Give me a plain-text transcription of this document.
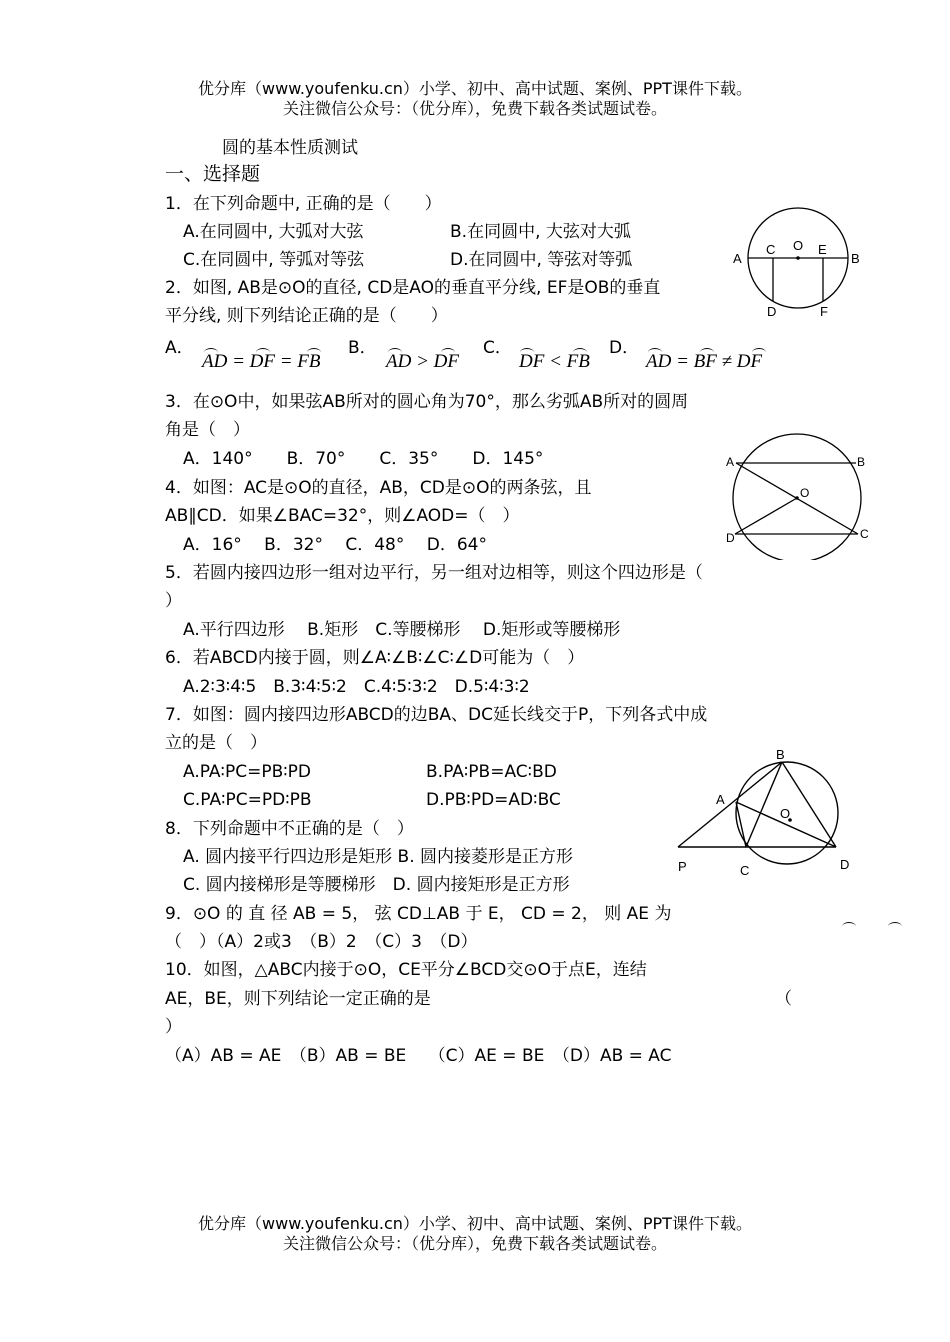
优分库（www.youfenku.cn）小学、初中、高中试题、案例、PPT课件下载。
关注微信公众号：（优分库），免费下载各类试题试卷。
圆的基本性质测试
一、选择题
1．在下列命题中, 正确的是（　　）
A.在同圆中, 大弧对大弦	B.在同圆中, 大弦对大弧
C.在同圆中, 等弧对等弦	D.在同圆中, 等弦对等弧	A
C O E
B
D	F
2．如图, AB是⊙O的直径, CD是AO的垂直平分线, EF是OB的垂直
平分线, 则下列结论正确的是（　　）
A．
AD = DF = FB
B．
AD > DF
C．
DF < FB
D．
AD = BF ≠ DF
3．在⊙O中，如果弦AB所对的圆心角为70°，那么劣弧AB所对的圆周
角是（　）
A．140°　　B．70°　　C．35°　　D．145°	A	B
O
D	C
4．如图：AC是⊙O的直径，AB，CD是⊙O的两条弦，且
AB∥CD．如果∠BAC=32°，则∠AOD=（　）
A．16°　 B．32°　 C．48°　 D．64°
5．若圆内接四边形一组对边平行，另一组对边相等，则这个四边形是（
）
A.平行四边形　 B.矩形　C.等腰梯形　 D.矩形或等腰梯形
6．若ABCD内接于圆，则∠A∶∠B∶∠C∶∠D可能为（　）
A.2∶3∶4∶5　B.3∶4∶5∶2　C.4∶5∶3∶2　D.5∶4∶3∶2
7．如图：圆内接四边形ABCD的边BA、DC延长线交于P，下列各式中成
立的是（　）
A.PA∶PC=PB∶PD	B.PA∶PB=AC∶BD
C.PA∶PC=PD∶PB	D.PB∶PD=AD∶BC
B
A
O
P	C	D
8．下列命题中不正确的是（　）
A. 圆内接平行四边形是矩形 B. 圆内接菱形是正方形
C. 圆内接梯形是等腰梯形　D. 圆内接矩形是正方形
9．⊙O 的 直 径 AB = 5， 弦 CD⊥AB 于 E， CD = 2， 则 AE 为
（　）（A）2或3　（B）2　（C）3　（D）
10．如图，△ABC内接于⊙O，CE平分∠BCD交⊙O于点E，连结
AE，BE，则下列结论一定正确的是	（
）
（A）AB = AE　（B）AB = BE　 （C）AE = BE　（D）AB = AC
优分库（www.youfenku.cn）小学、初中、高中试题、案例、PPT课件下载。
关注微信公众号：（优分库），免费下载各类试题试卷。
